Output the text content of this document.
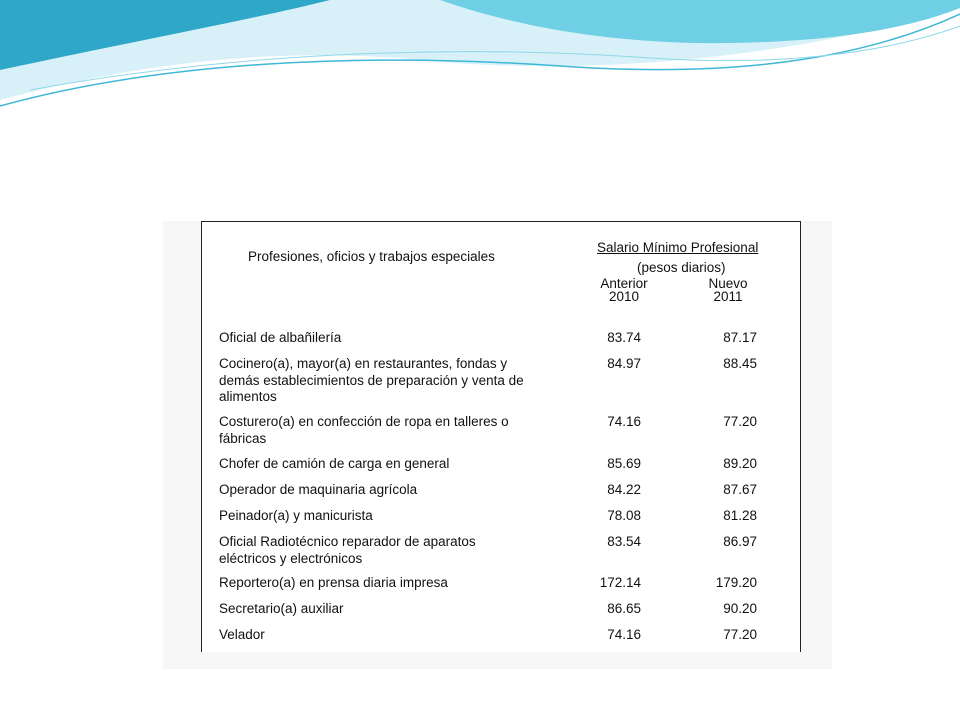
Profesiones, oficios y trabajos especiales
Salario Mínimo Profesional
(pesos diarios)
Anterior
2010
Nuevo
2011
Oficial de albañilería	83.74	87.17
Cocinero(a), mayor(a) en restaurantes, fondas y
demás establecimientos de preparación y venta de
alimentos
84.97	88.45
Costurero(a) en confección de ropa en talleres o
fábricas
74.16	77.20
Chofer de camión de carga en general	85.69	89.20
Operador de maquinaria agrícola	84.22	87.67
Peinador(a) y manicurista	78.08	81.28
Oficial Radiotécnico reparador de aparatos
eléctricos y electrónicos
83.54	86.97
Reportero(a) en prensa diaria impresa	172.14	179.20
Secretario(a) auxiliar	86.65	90.20
Velador	74.16	77.20
